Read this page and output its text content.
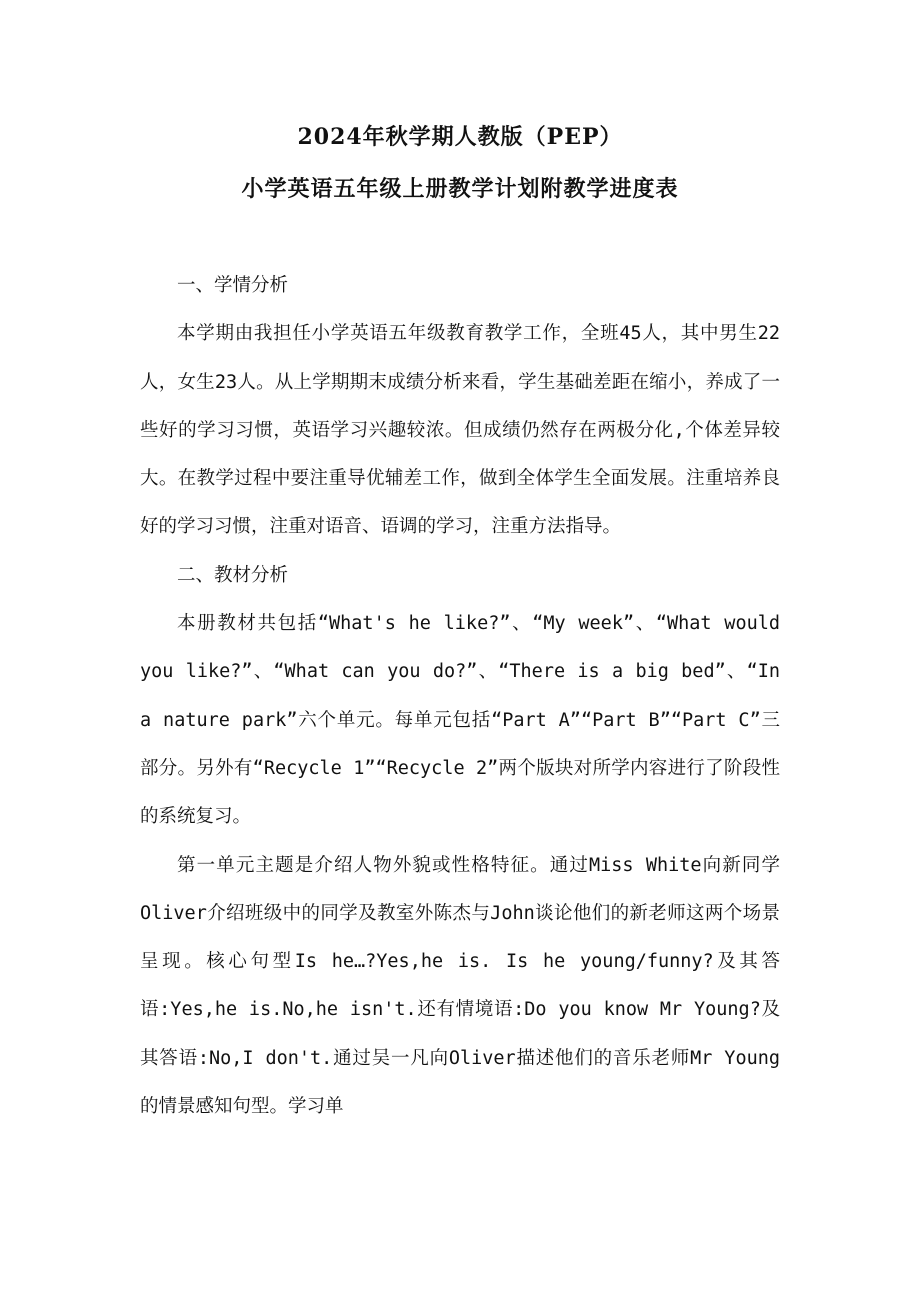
2024年秋学期人教版（PEP）
小学英语五年级上册教学计划附教学进度表

一、学情分析

本学期由我担任小学英语五年级教育教学工作，全班45人，其中男生22人，女生23人。从上学期期末成绩分析来看，学生基础差距在缩小，养成了一些好的学习习惯，英语学习兴趣较浓。但成绩仍然存在两极分化,个体差异较大。在教学过程中要注重导优辅差工作，做到全体学生全面发展。注重培养良好的学习习惯，注重对语音、语调的学习，注重方法指导。

二、教材分析

本册教材共包括“What's he like?”、“My week”、“What would you like?”、“What can you do?”、“There is a big bed”、“In a nature park”六个单元。每单元包括“Part A”“Part B”“Part C”三部分。另外有“Recycle 1”“Recycle 2”两个版块对所学内容进行了阶段性的系统复习。

第一单元主题是介绍人物外貌或性格特征。通过Miss White向新同学Oliver介绍班级中的同学及教室外陈杰与John谈论他们的新老师这两个场景呈现。核心句型Is he…?Yes,he is. Is he young/funny?及其答语:Yes,he is.No,he isn't.还有情境语:Do you know Mr Young?及其答语:No,I don't.通过吴一凡向Oliver描述他们的音乐老师Mr Young的情景感知句型。学习单
